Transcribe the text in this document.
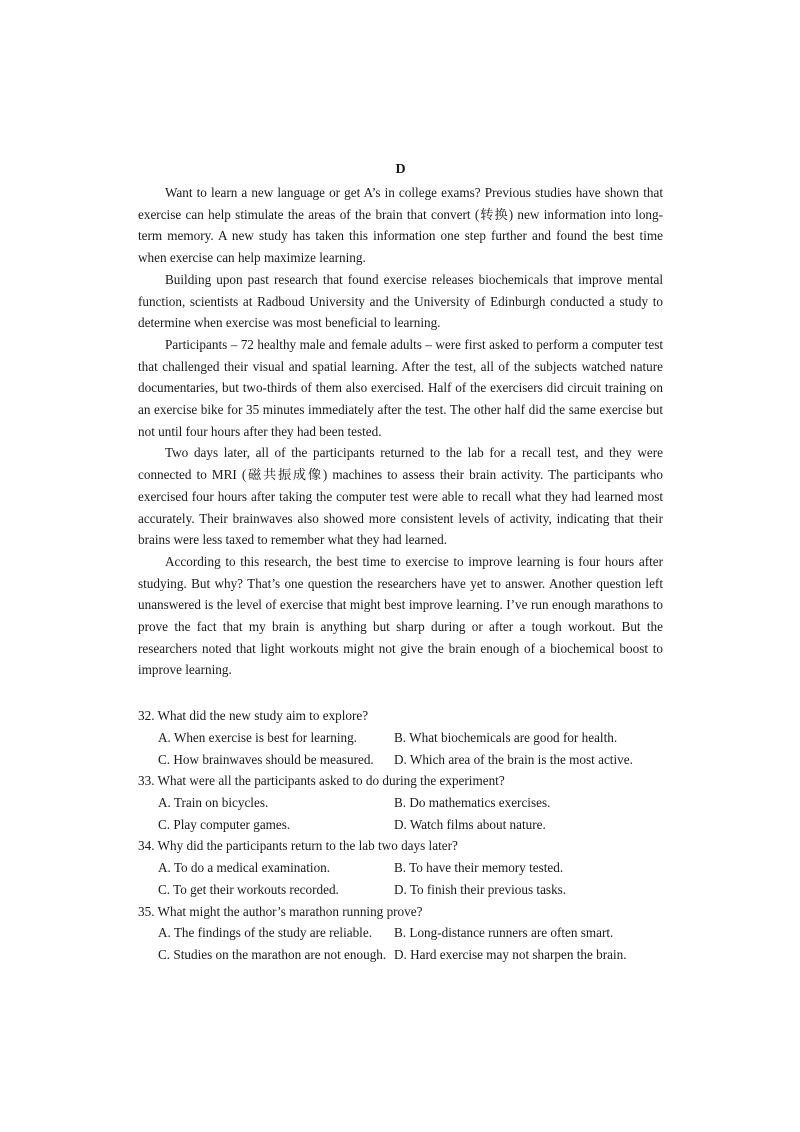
D

Want to learn a new language or get A’s in college exams? Previous studies have shown that exercise can help stimulate the areas of the brain that convert (转换) new information into long-term memory. A new study has taken this information one step further and found the best time when exercise can help maximize learning.

Building upon past research that found exercise releases biochemicals that improve mental function, scientists at Radboud University and the University of Edinburgh conducted a study to determine when exercise was most beneficial to learning.

Participants – 72 healthy male and female adults – were first asked to perform a computer test that challenged their visual and spatial learning. After the test, all of the subjects watched nature documentaries, but two-thirds of them also exercised. Half of the exercisers did circuit training on an exercise bike for 35 minutes immediately after the test. The other half did the same exercise but not until four hours after they had been tested.

Two days later, all of the participants returned to the lab for a recall test, and they were connected to MRI (磁共振成像) machines to assess their brain activity. The participants who exercised four hours after taking the computer test were able to recall what they had learned most accurately. Their brainwaves also showed more consistent levels of activity, indicating that their brains were less taxed to remember what they had learned.

According to this research, the best time to exercise to improve learning is four hours after studying. But why? That’s one question the researchers have yet to answer. Another question left unanswered is the level of exercise that might best improve learning. I’ve run enough marathons to prove the fact that my brain is anything but sharp during or after a tough workout. But the researchers noted that light workouts might not give the brain enough of a biochemical boost to improve learning.

32. What did the new study aim to explore?

A. When exercise is best for learning.	B. What biochemicals are good for health.
C. How brainwaves should be measured.	D. Which area of the brain is the most active.

33. What were all the participants asked to do during the experiment?

A. Train on bicycles.	B. Do mathematics exercises.
C. Play computer games.	D. Watch films about nature.

34. Why did the participants return to the lab two days later?

A. To do a medical examination.	B. To have their memory tested.
C. To get their workouts recorded.	D. To finish their previous tasks.

35. What might the author’s marathon running prove?

A. The findings of the study are reliable.	B. Long-distance runners are often smart.
C. Studies on the marathon are not enough. D. Hard exercise may not sharpen the brain.
